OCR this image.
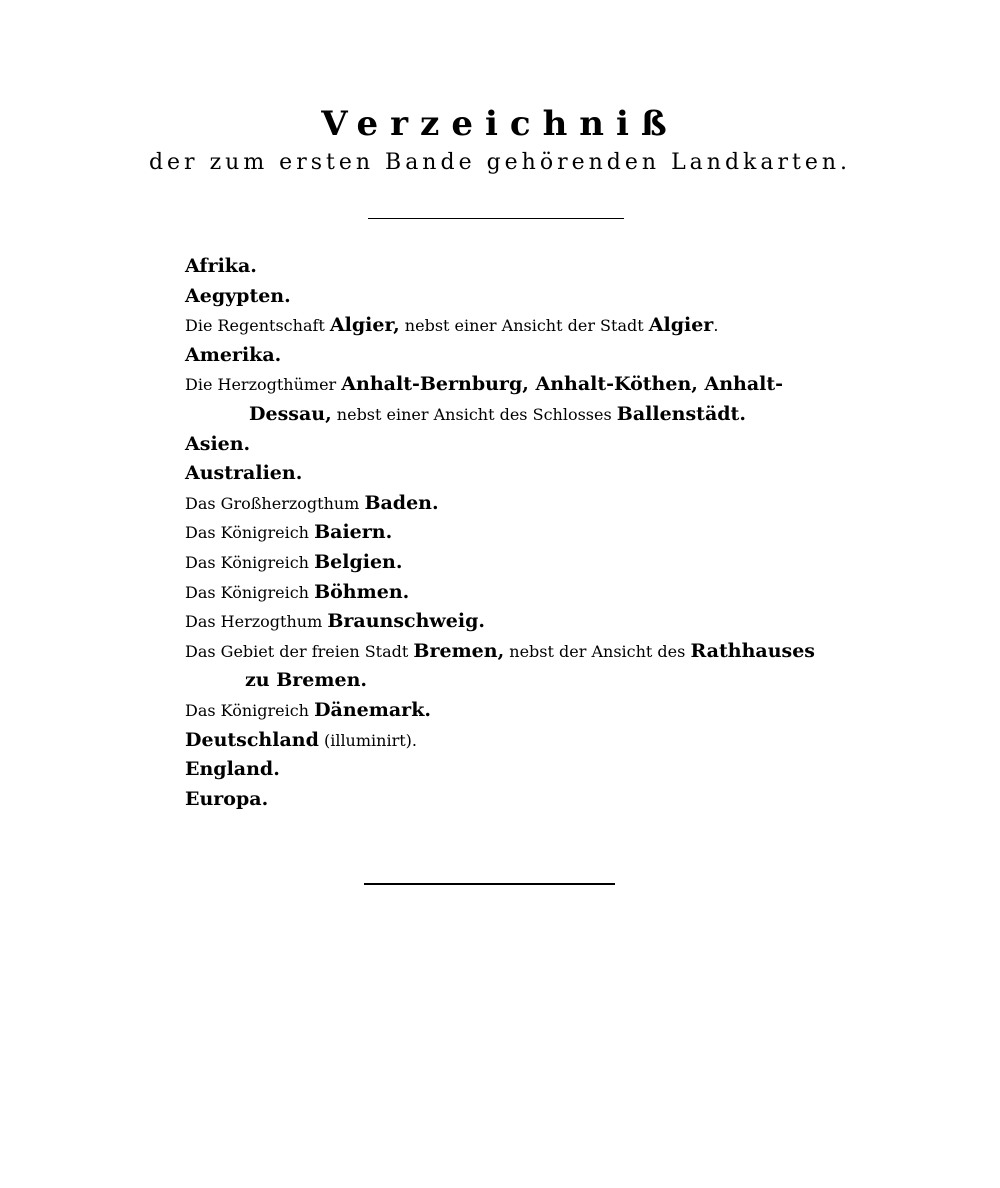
Verzeichniß
der zum ersten Bande gehörenden Landkarten.
Afrika.
Aegypten.
Die Regentschaft Algier, nebst einer Ansicht der Stadt Algier.
Amerika.
Die Herzogthümer Anhalt-Bernburg, Anhalt-Köthen, Anhalt-
Dessau, nebst einer Ansicht des Schlosses Ballenstädt.
Asien.
Australien.
Das Großherzogthum Baden.
Das Königreich Baiern.
Das Königreich Belgien.
Das Königreich Böhmen.
Das Herzogthum Braunschweig.
Das Gebiet der freien Stadt Bremen, nebst der Ansicht des Rathhauses
zu Bremen.
Das Königreich Dänemark.
Deutschland (illuminirt).
England.
Europa.
